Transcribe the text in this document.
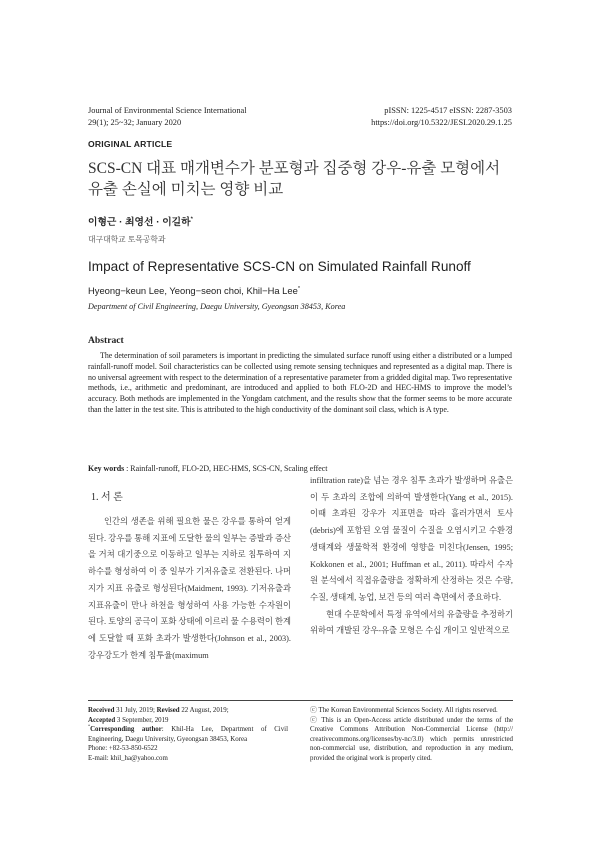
Journal of Environmental Science International
29(1); 25~32; January 2020
pISSN: 1225-4517 eISSN: 2287-3503
https://doi.org/10.5322/JESI.2020.29.1.25
ORIGINAL ARTICLE
SCS-CN 대표 매개변수가 분포형과 집중형 강우-유출 모형에서
유출 손실에 미치는 영향 비교
이형근 · 최영선 · 이길하*
대구대학교 토목공학과
Impact of Representative SCS-CN on Simulated Rainfall Runoff
Hyeong−keun Lee, Yeong−seon choi, Khil−Ha Lee*
Department of Civil Engineering, Daegu University, Gyeongsan 38453, Korea
Abstract
The determination of soil parameters is important in predicting the simulated surface runoff using either a distributed or a lumped rainfall-runoff model. Soil characteristics can be collected using remote sensing techniques and represented as a digital map. There is no universal agreement with respect to the determination of a representative parameter from a gridded digital map. Two representative methods, i.e., arithmetic and predominant, are introduced and applied to both FLO-2D and HEC-HMS to improve the model’s accuracy. Both methods are implemented in the Yongdam catchment, and the results show that the former seems to be more accurate than the latter in the test site. This is attributed to the high conductivity of the dominant soil class, which is A type.
Key words : Rainfall-runoff, FLO-2D, HEC-HMS, SCS-CN, Scaling effect
1. 서 론

인간의 생존을 위해 필요한 물은 강우를 통하여 얻게 된다. 강우를 통해 지표에 도달한 물의 일부는 증발과 증산을 거쳐 대기중으로 이동하고 일부는 지하로 침투하여 지하수를 형성하여 이 중 일부가 기저유출로 전환된다. 나머지가 지표 유출로 형성된다(Maidment, 1993). 기저유출과 지표유출이 만나 하천을 형성하여 사용 가능한 수자원이 된다. 토양의 공극이 포화 상태에 이르러 물 수용력이 한계에 도달할 때 포화 초과가 발생한다(Johnson et al., 2003). 강우강도가 한계 침투율(maximum

infiltration rate)을 넘는 경우 침투 초과가 발생하며 유출은 이 두 초과의 조합에 의하여 발생한다(Yang et al., 2015). 이때 초과된 강우가 지표면을 따라 흘러가면서 토사(debris)에 포함된 오염 물질이 수질을 오염시키고 수환경 생태계와 생물학적 환경에 영향을 미친다(Jensen, 1995; Kokkonen et al., 2001; Huffman et al., 2011). 따라서 수자원 분석에서 직접유출량을 정확하게 산정하는 것은 수량, 수질, 생태계, 농업, 보건 등의 여러 측면에서 중요하다.

현대 수문학에서 특정 유역에서의 유출량을 추정하기 위하여 개발된 강우-유출 모형은 수십 개이고 일반적으로

Received 31 July, 2019; Revised 22 August, 2019;
Accepted 3 September, 2019
*Corresponding author: Khil-Ha Lee, Department of Civil Engineering, Daegu University, Gyeongsan 38453, Korea
Phone: +82-53-850-6522
E-mail: khil_ha@yahoo.com
ⓒ The Korean Environmental Sciences Society. All rights reserved.
ⓒ This is an Open-Access article distributed under the terms of the Creative Commons Attribution Non-Commercial License (http:// creativecommons.org/licenses/by-nc/3.0) which permits unrestricted non-commercial use, distribution, and reproduction in any medium, provided the original work is properly cited.
